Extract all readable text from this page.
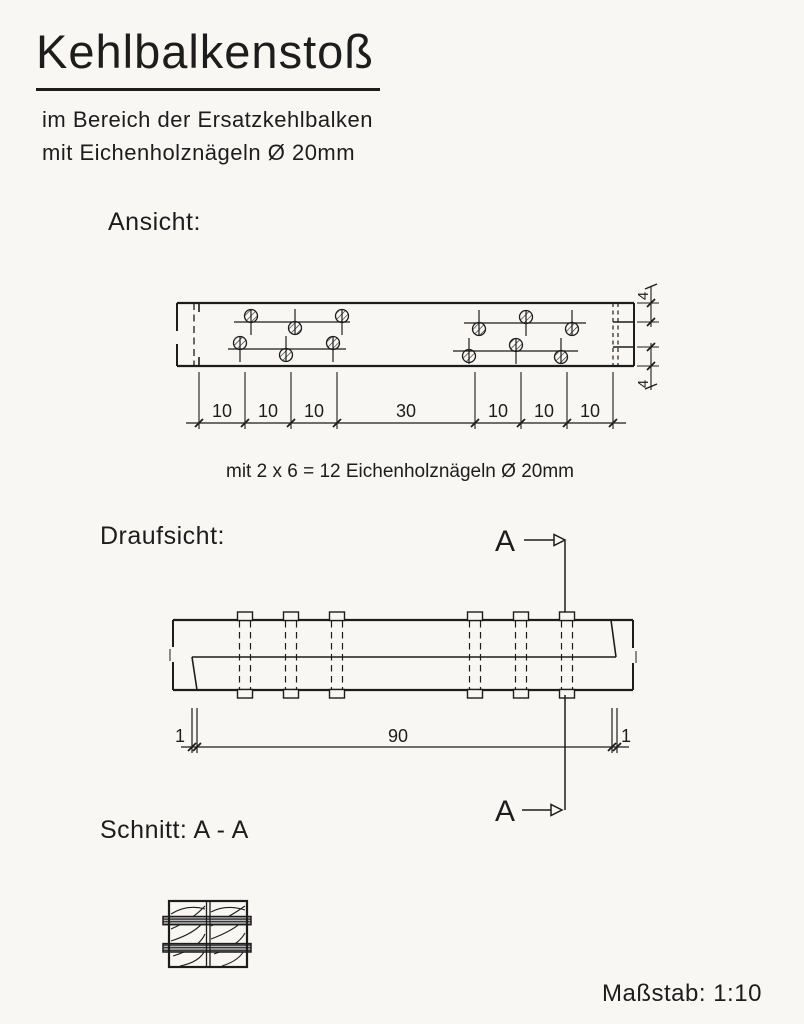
Kehlbalkenstoß
im Bereich der Ersatzkehlbalken
mit Eichenholznägeln Ø 20mm
Ansicht:
mit 2 x 6 = 12 Eichenholznägeln Ø 20mm
Draufsicht:
Schnitt: A - A
Maßstab: 1:10
10 10 10	30	10 10 10
4
4
A
1	90	1
A
